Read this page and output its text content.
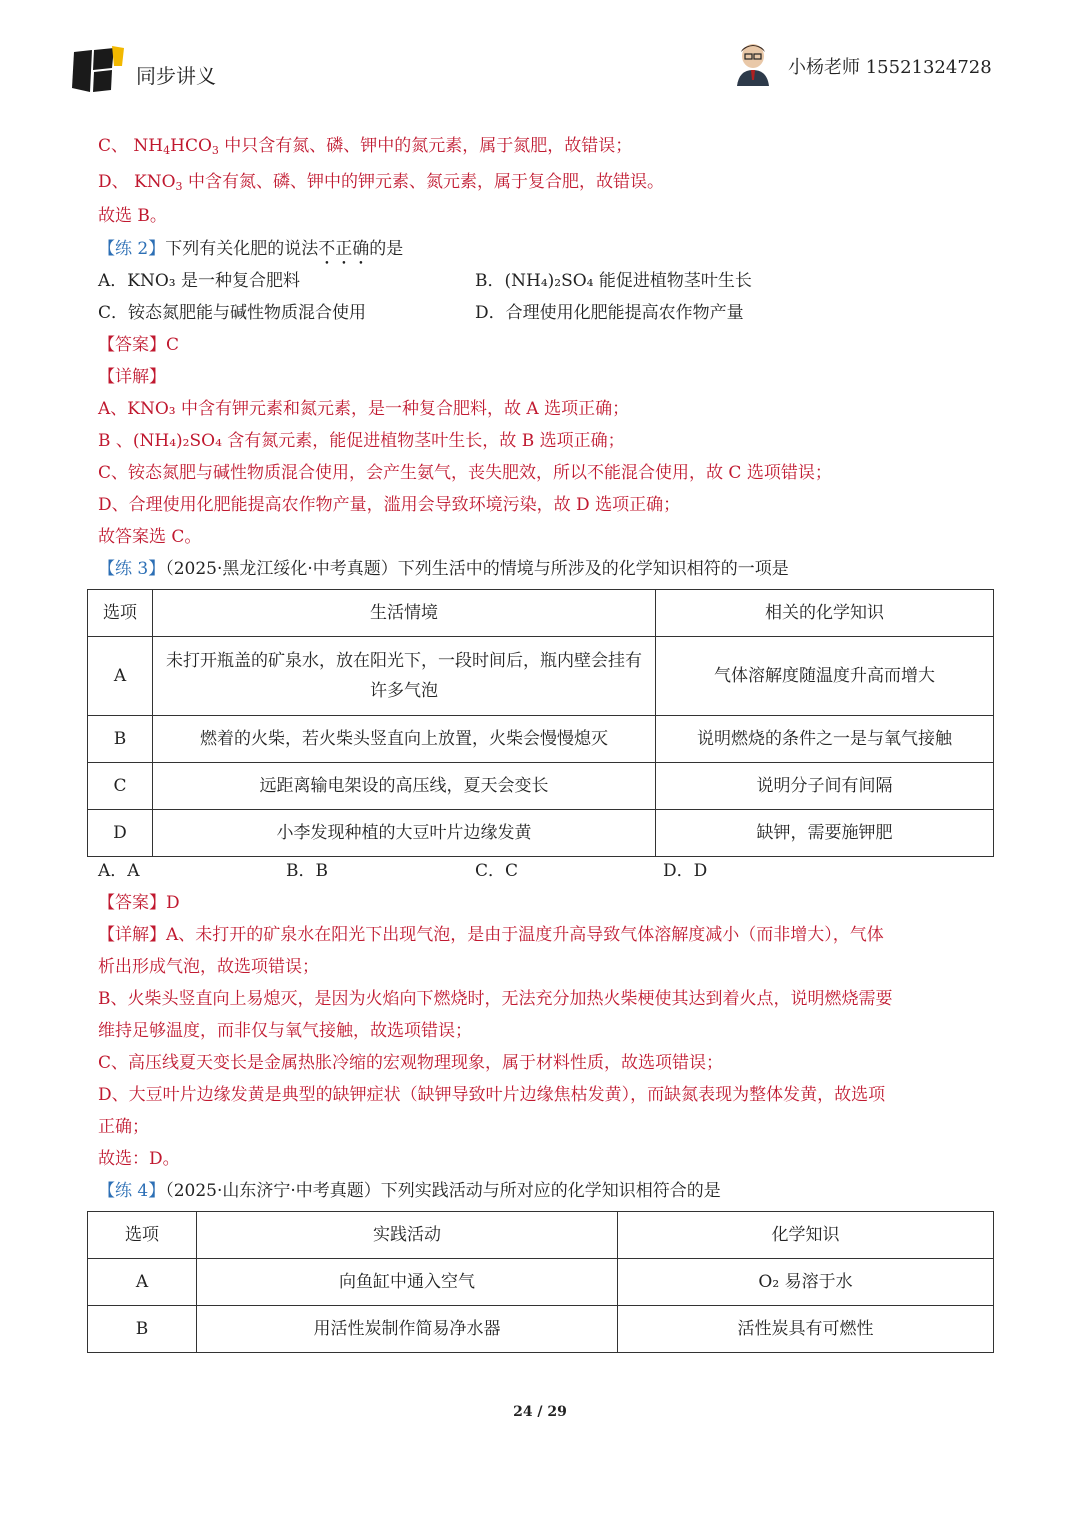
同步讲义	小杨老师 15521324728
C、 $NH_4HCO_3$ 中只含有氮、磷、钾中的氮元素，属于氮肥，故错误；
D、 $KNO_3$ 中含有氮、磷、钾中的钾元素、氮元素，属于复合肥，故错误。
故选 B。
【练 2】下列有关化肥的说法不正确的是
A．KNO₃ 是一种复合肥料	B．(NH₄)₂SO₄ 能促进植物茎叶生长
C．铵态氮肥能与碱性物质混合使用	D．合理使用化肥能提高农作物产量
【答案】C
【详解】
A、KNO₃ 中含有钾元素和氮元素，是一种复合肥料，故 A 选项正确；
B 、(NH₄)₂SO₄ 含有氮元素，能促进植物茎叶生长，故 B 选项正确；
C、铵态氮肥与碱性物质混合使用，会产生氨气，丧失肥效，所以不能混合使用，故 C 选项错误；
D、合理使用化肥能提高农作物产量，滥用会导致环境污染，故 D 选项正确；
故答案选 C。
【练 3】（2025·黑龙江绥化·中考真题）下列生活中的情境与所涉及的化学知识相符的一项是
选项	生活情境	相关的化学知识
A	未打开瓶盖的矿泉水，放在阳光下，一段时间后，瓶内壁会挂有许多气泡	气体溶解度随温度升高而增大
B	燃着的火柴，若火柴头竖直向上放置，火柴会慢慢熄灭	说明燃烧的条件之一是与氧气接触
C	远距离输电架设的高压线，夏天会变长	说明分子间有间隔
D	小李发现种植的大豆叶片边缘发黄	缺钾，需要施钾肥
A．A	B．B	C．C	D．D
【答案】D
【详解】A、未打开的矿泉水在阳光下出现气泡，是由于温度升高导致气体溶解度减小（而非增大），气体
析出形成气泡，故选项错误；
B、火柴头竖直向上易熄灭，是因为火焰向下燃烧时，无法充分加热火柴梗使其达到着火点，说明燃烧需要
维持足够温度，而非仅与氧气接触，故选项错误；
C、高压线夏天变长是金属热胀冷缩的宏观物理现象，属于材料性质，故选项错误；
D、大豆叶片边缘发黄是典型的缺钾症状（缺钾导致叶片边缘焦枯发黄），而缺氮表现为整体发黄，故选项
正确；
故选：D。
【练 4】（2025·山东济宁·中考真题）下列实践活动与所对应的化学知识相符合的是
选项	实践活动	化学知识
A	向鱼缸中通入空气	O₂ 易溶于水
B	用活性炭制作简易净水器	活性炭具有可燃性
24 / 29
